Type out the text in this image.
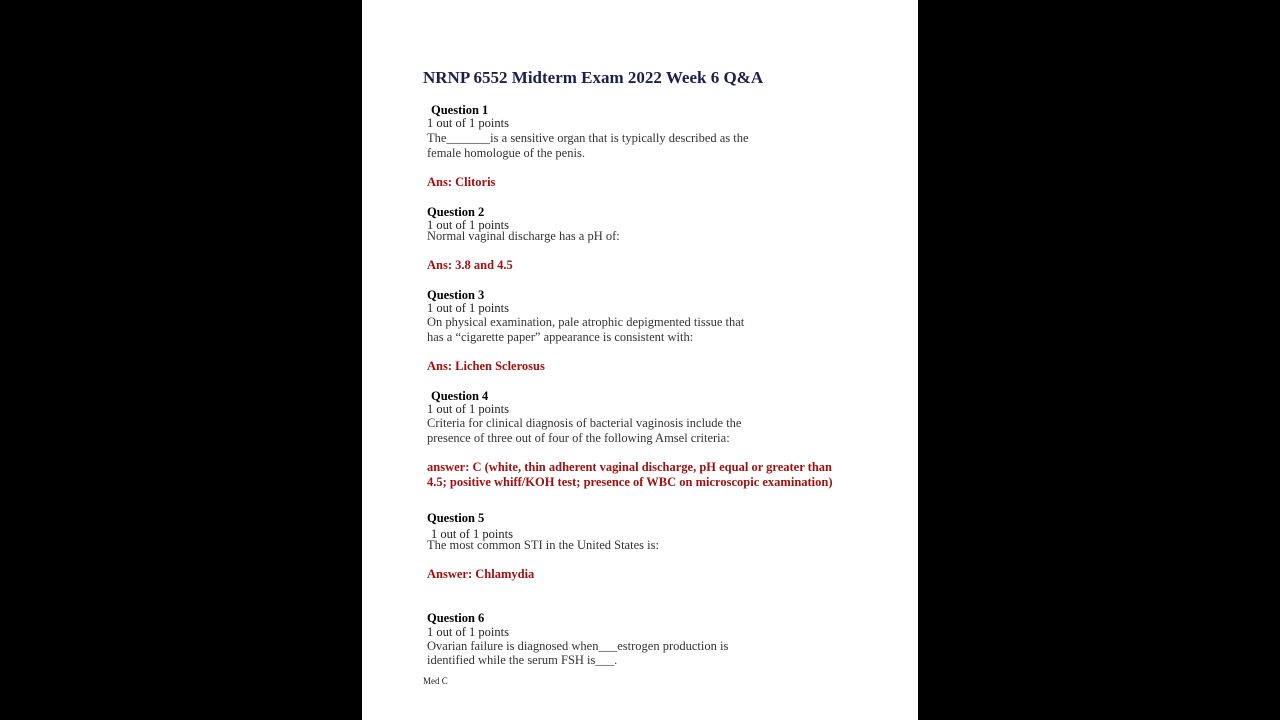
NRNP 6552 Midterm Exam 2022 Week 6 Q&A
Question 1
1 out of 1 points
The_______is a sensitive organ that is typically described as the
female homologue of the penis.
Ans: Clitoris
Question 2
1 out of 1 points
Normal vaginal discharge has a pH of:
Ans: 3.8 and 4.5
Question 3
1 out of 1 points
On physical examination, pale atrophic depigmented tissue that
has a “cigarette paper” appearance is consistent with:
Ans: Lichen Sclerosus
Question 4
1 out of 1 points
Criteria for clinical diagnosis of bacterial vaginosis include the
presence of three out of four of the following Amsel criteria:
answer: C (white, thin adherent vaginal discharge, pH equal or greater than
4.5; positive whiff/KOH test; presence of WBC on microscopic examination)
Question 5
1 out of 1 points
The most common STI in the United States is:
Answer: Chlamydia
Question 6
1 out of 1 points
Ovarian failure is diagnosed when___estrogen production is
identified while the serum FSH is___.
Med C
